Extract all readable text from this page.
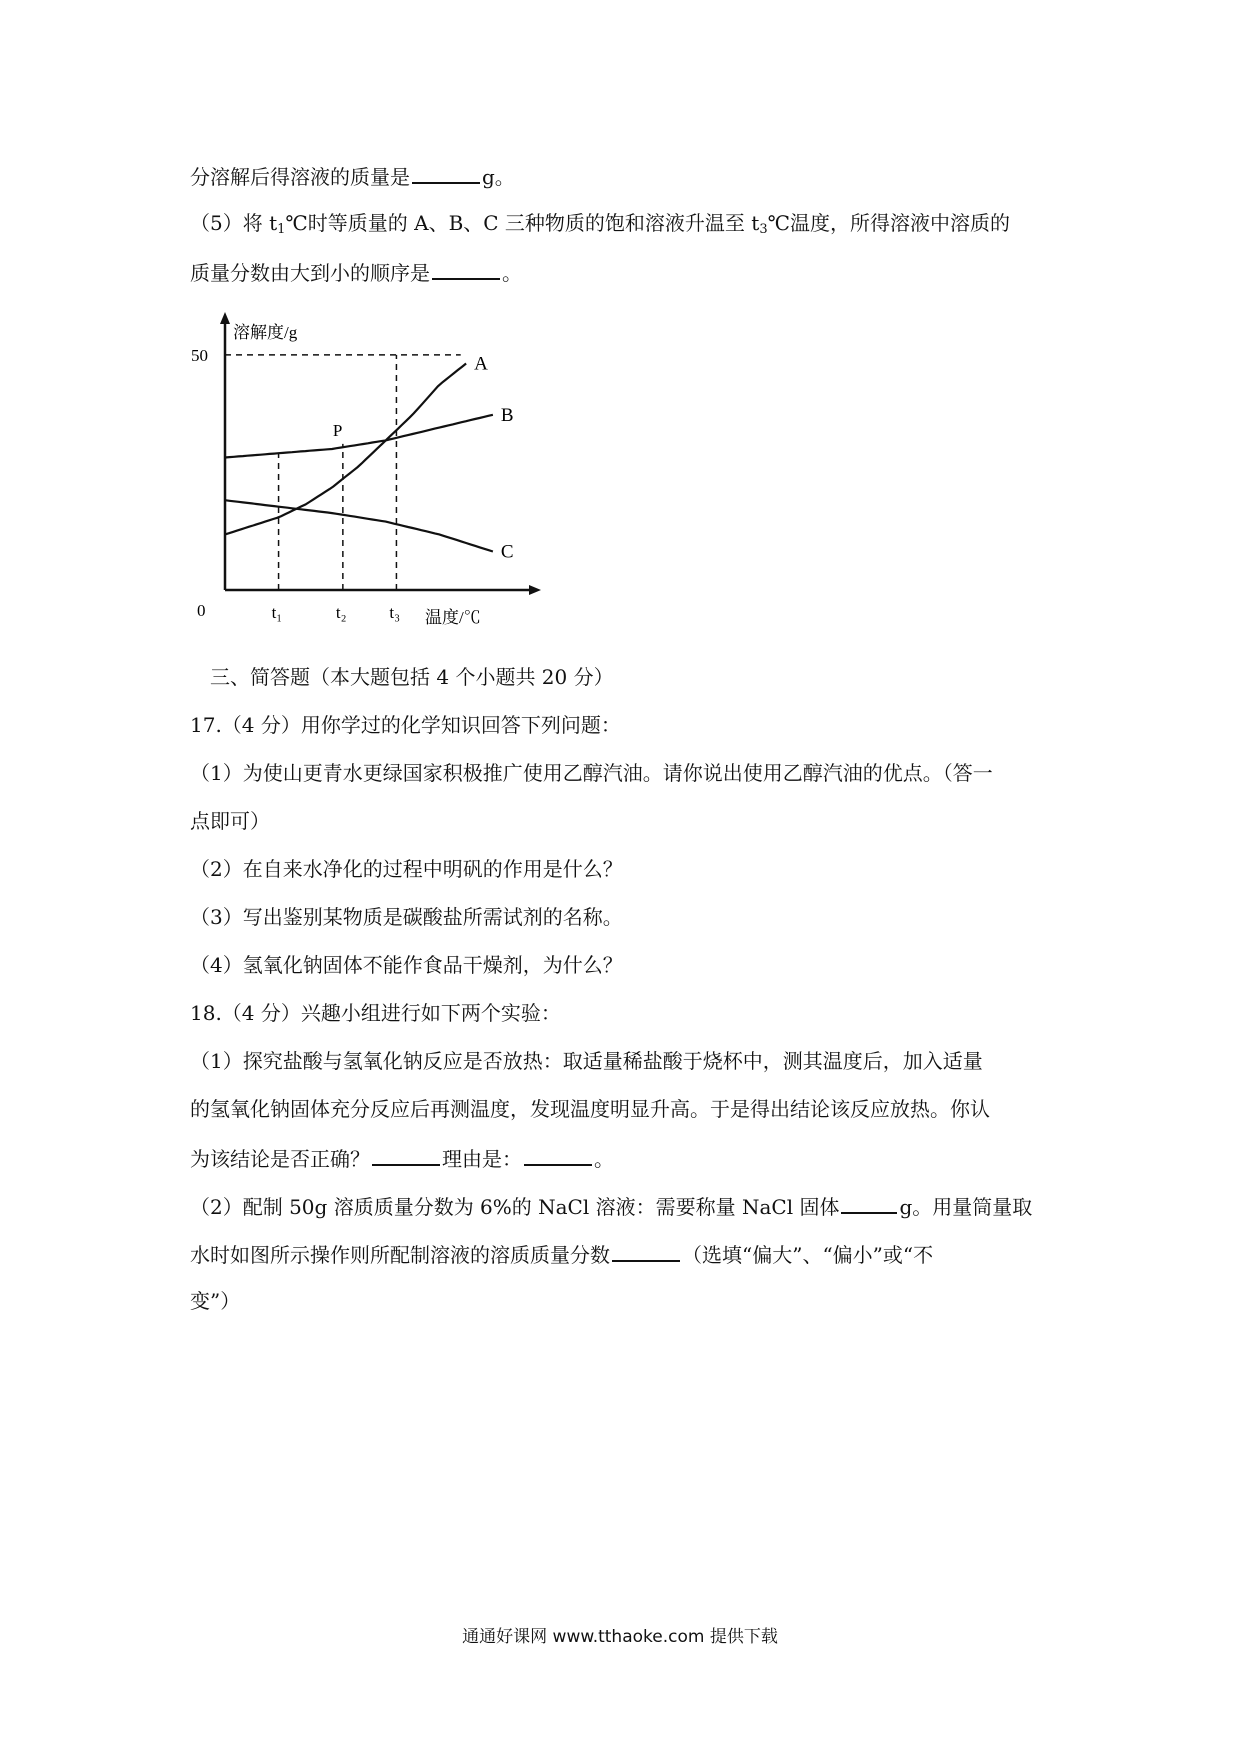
分溶解后得溶液的质量是	g。
（5）将 $t_1℃$时等质量的 A、B、C 三种物质的饱和溶液升温至 $t_3℃$温度，所得溶液中溶质的
质量分数由大到小的顺序是	。
溶解度/g
温度/℃
0
50
t₁	t₂	t₃
A
B
C
P
三、简答题（本大题包括 4 个小题共 20 分）
17.（4 分）用你学过的化学知识回答下列问题：
（1）为使山更青水更绿国家积极推广使用乙醇汽油。请你说出使用乙醇汽油的优点。（答一
点即可）
（2）在自来水净化的过程中明矾的作用是什么？
（3）写出鉴别某物质是碳酸盐所需试剂的名称。
（4）氢氧化钠固体不能作食品干燥剂，为什么？
18.（4 分）兴趣小组进行如下两个实验：
（1）探究盐酸与氢氧化钠反应是否放热：取适量稀盐酸于烧杯中，测其温度后，加入适量
的氢氧化钠固体充分反应后再测温度，发现温度明显升高。于是得出结论该反应放热。你认
为该结论是否正确？	理由是：	。
（2）配制 50g 溶质质量分数为 6%的 NaCl 溶液：需要称量 NaCl 固体	g。用量筒量取
水时如图所示操作则所配制溶液的溶质质量分数	（选填“偏大”、“偏小”或“不
变”）
通通好课网 www.tthaoke.com 提供下载
